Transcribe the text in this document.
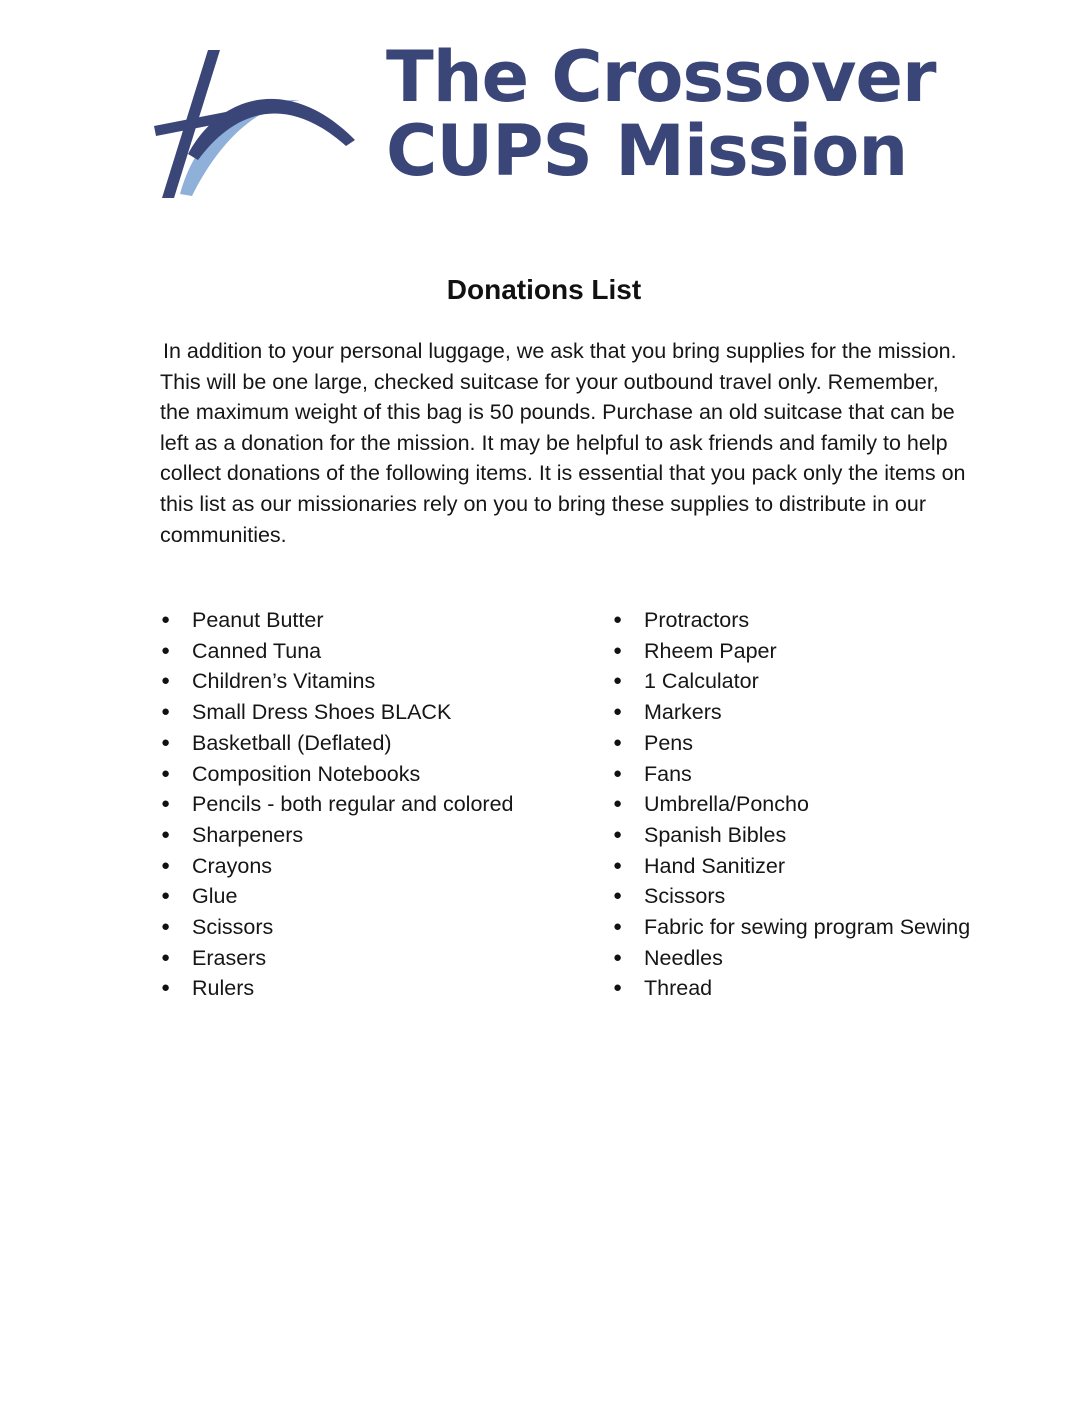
The Crossover
CUPS Mission
Donations List

In addition to your personal luggage, we ask that you bring supplies for the mission. This will be one large, checked suitcase for your outbound travel only. Remember, the maximum weight of this bag is 50 pounds. Purchase an old suitcase that can be left as a donation for the mission. It may be helpful to ask friends and family to help collect donations of the following items. It is essential that you pack only the items on this list as our missionaries rely on you to bring these supplies to distribute in our communities.

● Peanut Butter
● Canned Tuna
● Children’s Vitamins
● Small Dress Shoes BLACK
● Basketball (Deflated)
● Composition Notebooks
● Pencils - both regular and colored
● Sharpeners
● Crayons
● Glue
● Scissors
● Erasers
● Rulers
● Protractors
● Rheem Paper
● 1 Calculator
● Markers
● Pens
● Fans
● Umbrella/Poncho
● Spanish Bibles
● Hand Sanitizer
● Scissors
● Fabric for sewing program Sewing
● Needles
● Thread
